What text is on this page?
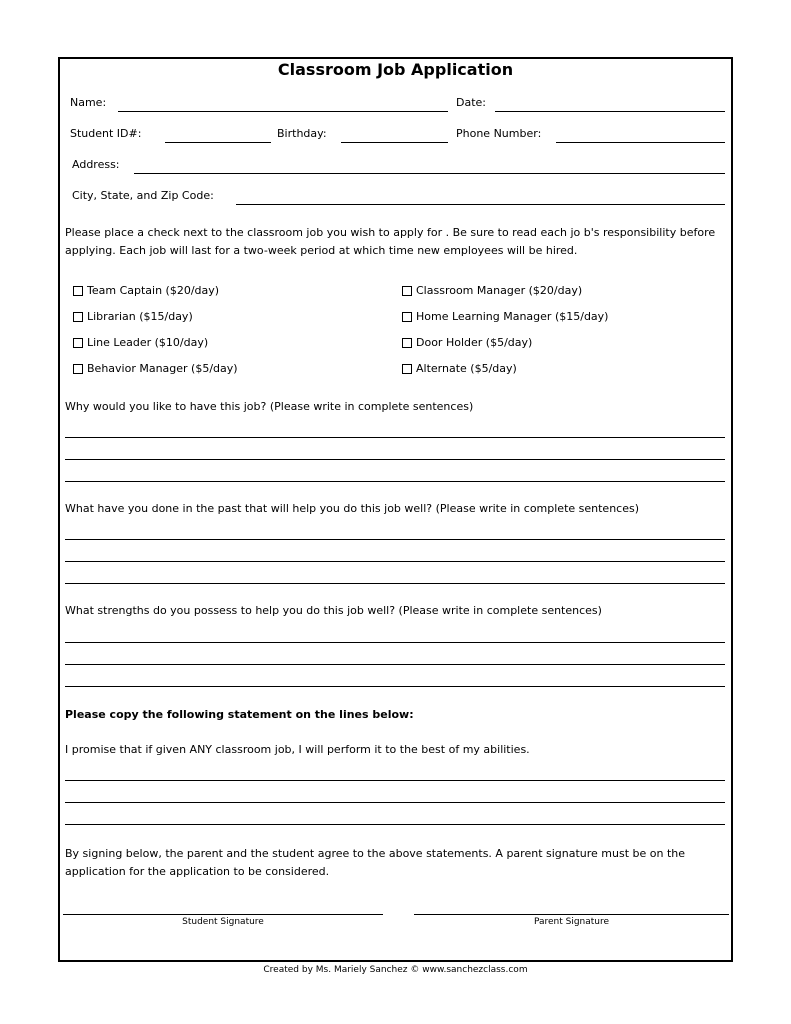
Classroom Job Application
Name:	Date:
Student ID#:	Birthday:	Phone Number:
Address:
City, State, and Zip Code:
Please place a check next to the classroom job you wish to apply for . Be sure to read each jo b's responsibility before applying. Each job will last for a two-week period at which time new employees will be hired.
Team Captain ($20/day)	Classroom Manager ($20/day)
Librarian ($15/day)	Home Learning Manager ($15/day)
Line Leader ($10/day)	Door Holder ($5/day)
Behavior Manager ($5/day)	Alternate ($5/day)
Why would you like to have this job? (Please write in complete sentences)
What have you done in the past that will help you do this job well? (Please write in complete sentences)
What strengths do you possess to help you do this job well? (Please write in complete sentences)
Please copy the following statement on the lines below:
I promise that if given ANY classroom job, I will perform it to the best of my abilities.
By signing below, the parent and the student agree to the above statements. A parent signature must be on the application for the application to be considered.
Student Signature	Parent Signature
Created by Ms. Mariely Sanchez © www.sanchezclass.com
